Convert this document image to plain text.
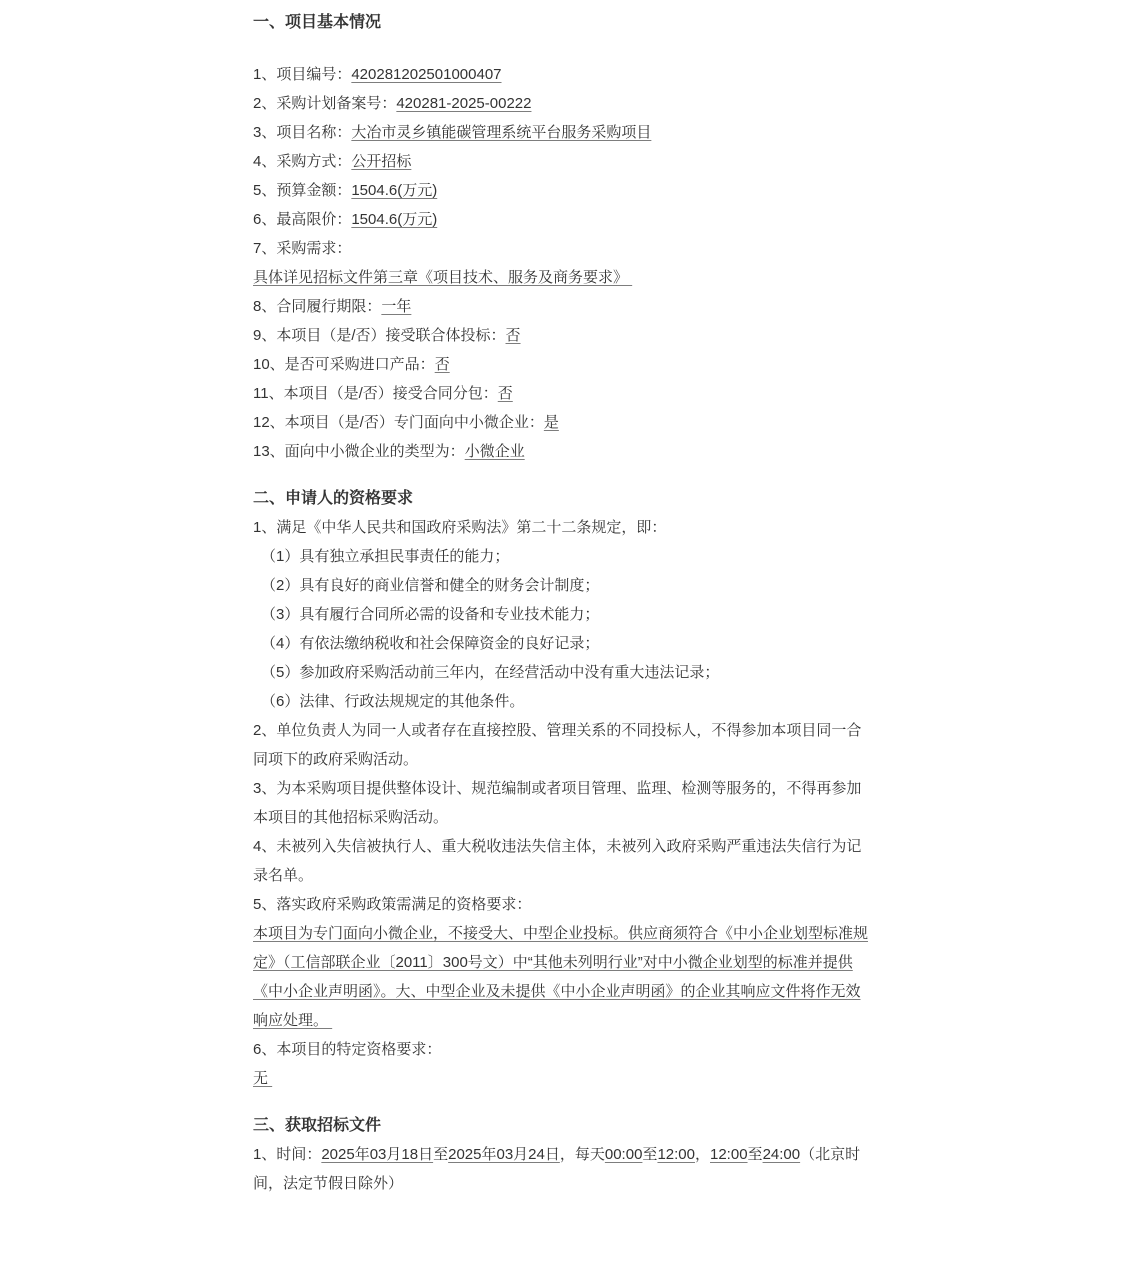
一、项目基本情况

1、项目编号：420281202501000407

2、采购计划备案号：420281-2025-00222

3、项目名称：大冶市灵乡镇能碳管理系统平台服务采购项目

4、采购方式：公开招标

5、预算金额：1504.6(万元)

6、最高限价：1504.6(万元)

7、采购需求：

具体详见招标文件第三章《项目技术、服务及商务要求》

8、合同履行期限：一年

9、本项目（是/否）接受联合体投标：否

10、是否可采购进口产品：否

11、本项目（是/否）接受合同分包：否

12、本项目（是/否）专门面向中小微企业：是

13、面向中小微企业的类型为：小微企业

二、申请人的资格要求

1、满足《中华人民共和国政府采购法》第二十二条规定，即：

（1）具有独立承担民事责任的能力；

（2）具有良好的商业信誉和健全的财务会计制度；

（3）具有履行合同所必需的设备和专业技术能力；

（4）有依法缴纳税收和社会保障资金的良好记录；

（5）参加政府采购活动前三年内，在经营活动中没有重大违法记录；

（6）法律、行政法规规定的其他条件。

2、单位负责人为同一人或者存在直接控股、管理关系的不同投标人，不得参加本项目同一合同项下的政府采购活动。

3、为本采购项目提供整体设计、规范编制或者项目管理、监理、检测等服务的，不得再参加本项目的其他招标采购活动。

4、未被列入失信被执行人、重大税收违法失信主体，未被列入政府采购严重违法失信行为记录名单。

5、落实政府采购政策需满足的资格要求：

本项目为专门面向小微企业，不接受大、中型企业投标。供应商须符合《中小企业划型标准规定》（工信部联企业〔2011〕300号文）中“其他未列明行业”对中小微企业划型的标准并提供《中小企业声明函》。大、中型企业及未提供《中小企业声明函》的企业其响应文件将作无效响应处理。

6、本项目的特定资格要求：

无

三、获取招标文件

1、时间：2025年03月18日至2025年03月24日，每天00:00至12:00，12:00至24:00（北京时间，法定节假日除外）
